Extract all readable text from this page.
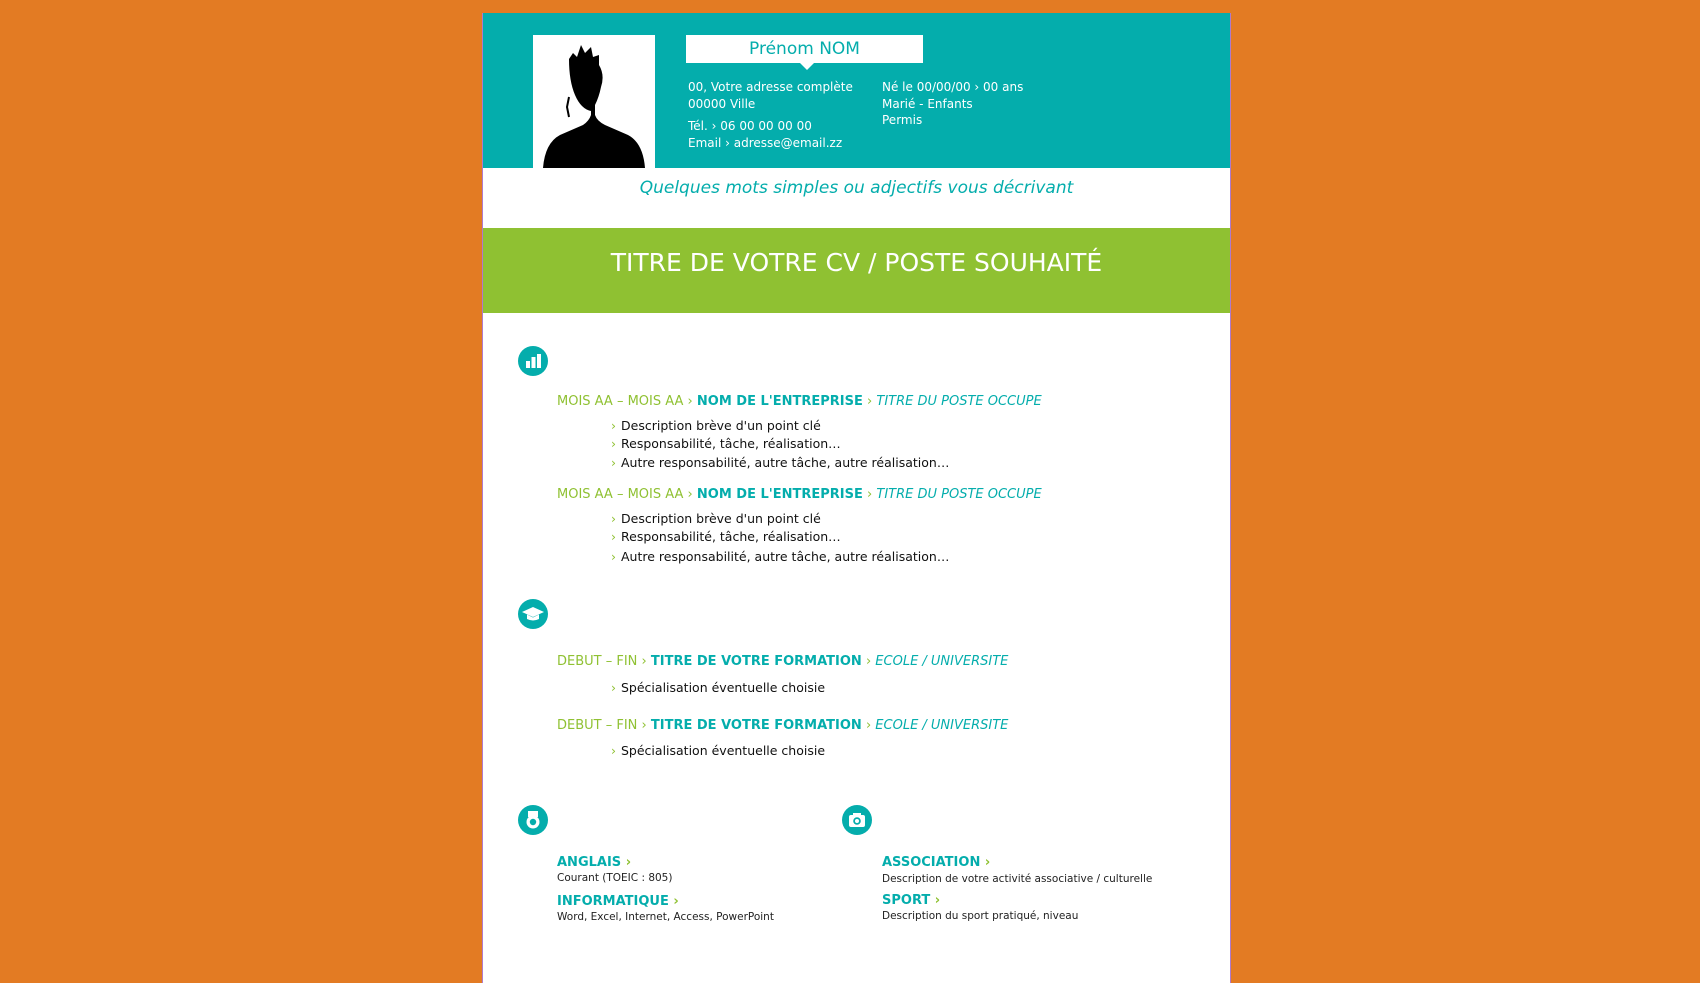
Prénom NOM
00, Votre adresse complète
00000 Ville
Tél. › 06 00 00 00 00
Email › adresse@email.zz
Né le 00/00/00 › 00 ans
Marié - Enfants
Permis
Quelques mots simples ou adjectifs vous décrivant
TITRE DE VOTRE CV / POSTE SOUHAITÉ
MOIS AA – MOIS AA › NOM DE L'ENTREPRISE › TITRE DU POSTE OCCUPE
› Description brève d'un point clé
› Responsabilité, tâche, réalisation…
› Autre responsabilité, autre tâche, autre réalisation…
MOIS AA – MOIS AA › NOM DE L'ENTREPRISE › TITRE DU POSTE OCCUPE
› Description brève d'un point clé
› Responsabilité, tâche, réalisation…
› Autre responsabilité, autre tâche, autre réalisation…
DEBUT – FIN › TITRE DE VOTRE FORMATION › ECOLE / UNIVERSITE
› Spécialisation éventuelle choisie
DEBUT – FIN › TITRE DE VOTRE FORMATION › ECOLE / UNIVERSITE
› Spécialisation éventuelle choisie
ANGLAIS ›
Courant (TOEIC : 805)
INFORMATIQUE ›
Word, Excel, Internet, Access, PowerPoint
ASSOCIATION ›
Description de votre activité associative / culturelle
SPORT ›
Description du sport pratiqué, niveau
خمسات
